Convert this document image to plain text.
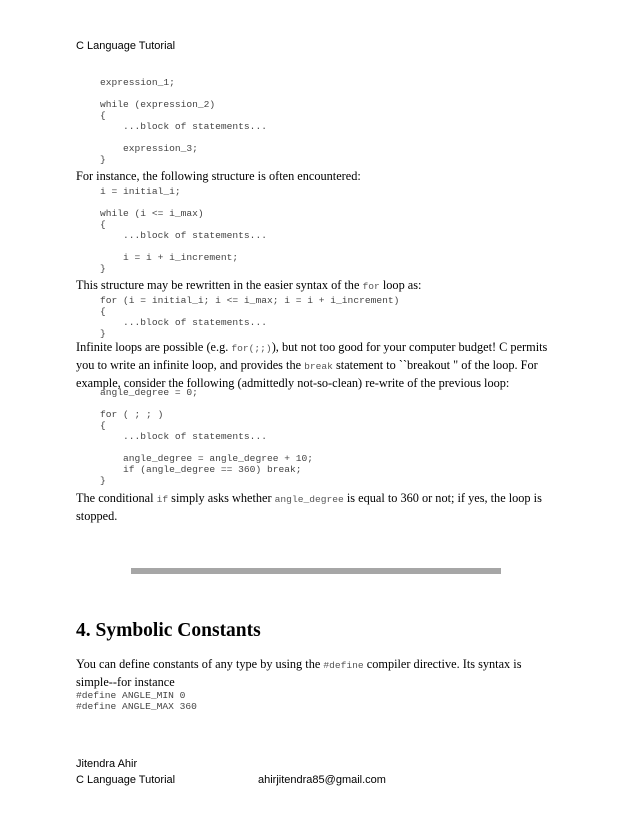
C Language Tutorial
expression_1;

while (expression_2)
{
...block of statements...

expression_3;
}
For instance, the following structure is often encountered:
i = initial_i;

while (i <= i_max)
{
...block of statements...

i = i + i_increment;
}
This structure may be rewritten in the easier syntax of the for loop as:
for (i = initial_i; i <= i_max; i = i + i_increment)
{
...block of statements...
}
Infinite loops are possible (e.g. for(;;)), but not too good for your computer budget! C permits
you to write an infinite loop, and provides the break statement to ``breakout " of the loop. For
example, consider the following (admittedly not-so-clean) re-write of the previous loop:
angle_degree = 0;

for ( ; ; )
{
...block of statements...

angle_degree = angle_degree + 10;
if (angle_degree == 360) break;
}
The conditional if simply asks whether angle_degree is equal to 360 or not; if yes, the loop is
stopped.
4. Symbolic Constants
You can define constants of any type by using the #define compiler directive. Its syntax is
simple--for instance
#define ANGLE_MIN 0
#define ANGLE_MAX 360
Jitendra Ahir
C Language Tutorial	ahirjitendra85@gmail.com
